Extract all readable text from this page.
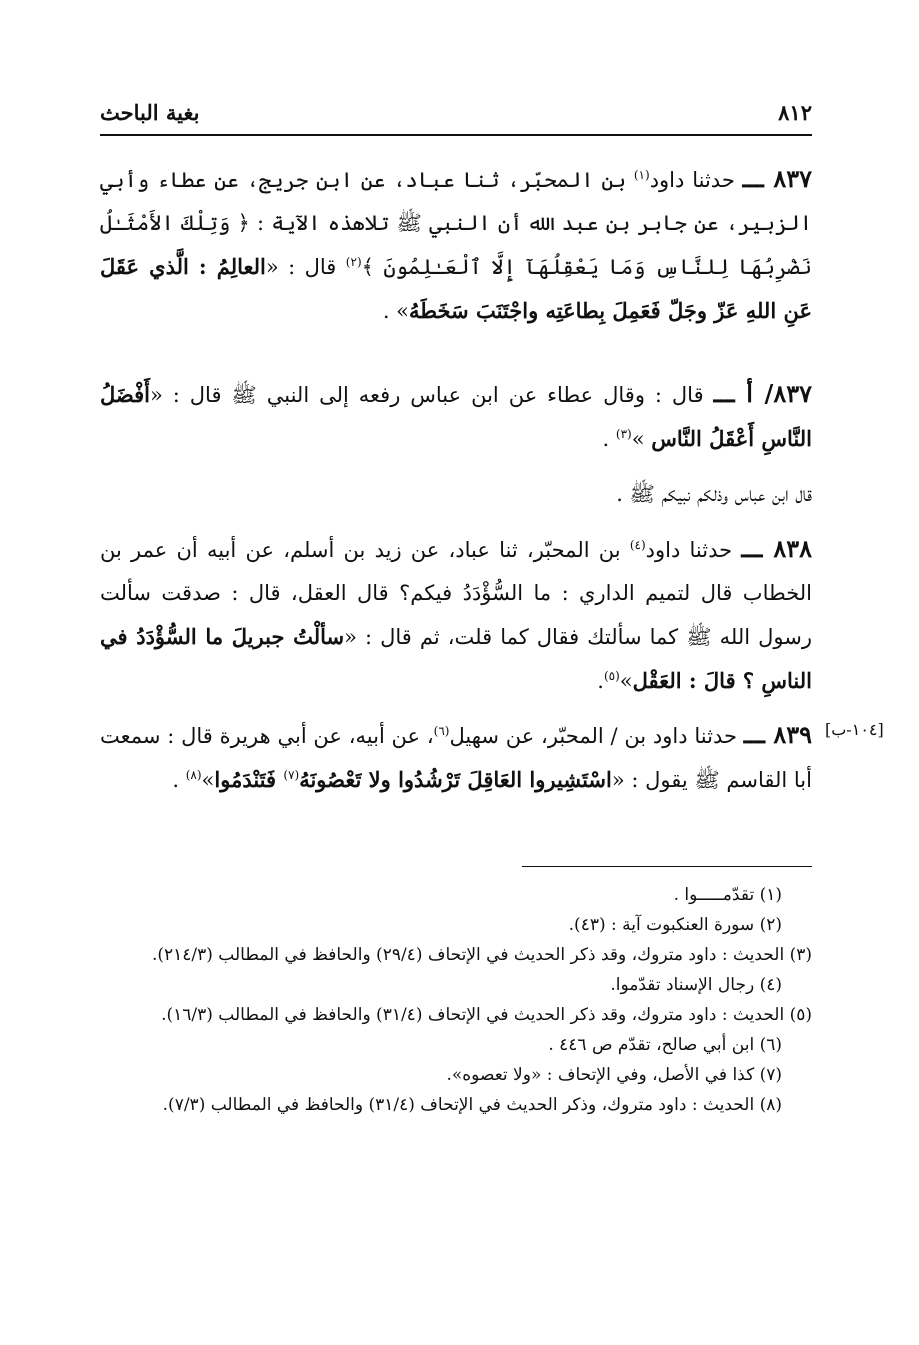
٨١٢
بغية الباحث
٨٣٧ ـــ حدثنا داود$^{(١)}$ بن المحبّر، ثنا عباد، عن ابن جريج، عن عطاء وأبي الزبير، عن جابر بن عبد الله أن النبي ﷺ تلاهذه الآية : ﴿ وَتِلْكَ الأَمْثَـٰلُ نَضْرِبُهَا لِلنَّاسِ وَمَا يَعْقِلُهَآ إِلَّا ٱلْعَـٰلِمُونَ ﴾$^{(٢)}$ قال : «العالِمُ : الَّذي عَقَلَ عَنِ اللهِ عَزّ وجَلّ فَعَمِلَ بِطاعَتِه واجْتَنَبَ سَخَطَهُ» .
٨٣٧/ أ ـــ قال : وقال عطاء عن ابن عباس رفعه إلى النبي ﷺ قال : «أَفْضَلُ النَّاسِ أَعْقَلُ النَّاس »$^{(٣)}$ .
قال ابن عباس وذلكم نبيكم ﷺ .
٨٣٨ ـــ حدثنا داود$^{(٤)}$ بن المحبّر، ثنا عباد، عن زيد بن أسلم، عن أبيه أن عمر بن الخطاب قال لتميم الداري : ما السُّؤْدَدُ فيكم؟ قال العقل، قال : صدقت سألت رسول الله ﷺ كما سألتك فقال كما قلت، ثم قال : «سألْتُ جبريلَ ما السُّؤْدَدُ في الناسِ ؟ قالَ : العَقْل»$^{(٥)}$.
٨٣٩ ـــ حدثنا داود بن / المحبّر، عن سهيل$^{(٦)}$، عن أبيه، عن أبي هريرة قال : سمعت أبا القاسم ﷺ يقول : «اسْتَشِيروا العَاقِلَ تَرْشُدُوا ولا تَعْصُونَهُ$^{(٧)}$ فَتَنْدَمُوا»$^{(٨)}$ .
[١٠٤-ب]
(١) تقدّمـــــوا .
(٢) سورة العنكبوت آية : (٤٣).
(٣) الحديث : داود متروك، وقد ذكر الحديث في الإتحاف (٢٩/٤) والحافظ في المطالب (٢١٤/٣).
(٤) رجال الإسناد تقدّموا.
(٥) الحديث : داود متروك، وقد ذكر الحديث في الإتحاف (٣١/٤) والحافظ في المطالب (١٦/٣).
(٦) ابن أبي صالح، تقدّم ص ٤٤٦ .
(٧) كذا في الأصل، وفي الإتحاف : «ولا تعصوه».
(٨) الحديث : داود متروك، وذكر الحديث في الإتحاف (٣١/٤) والحافظ في المطالب (٧/٣).
